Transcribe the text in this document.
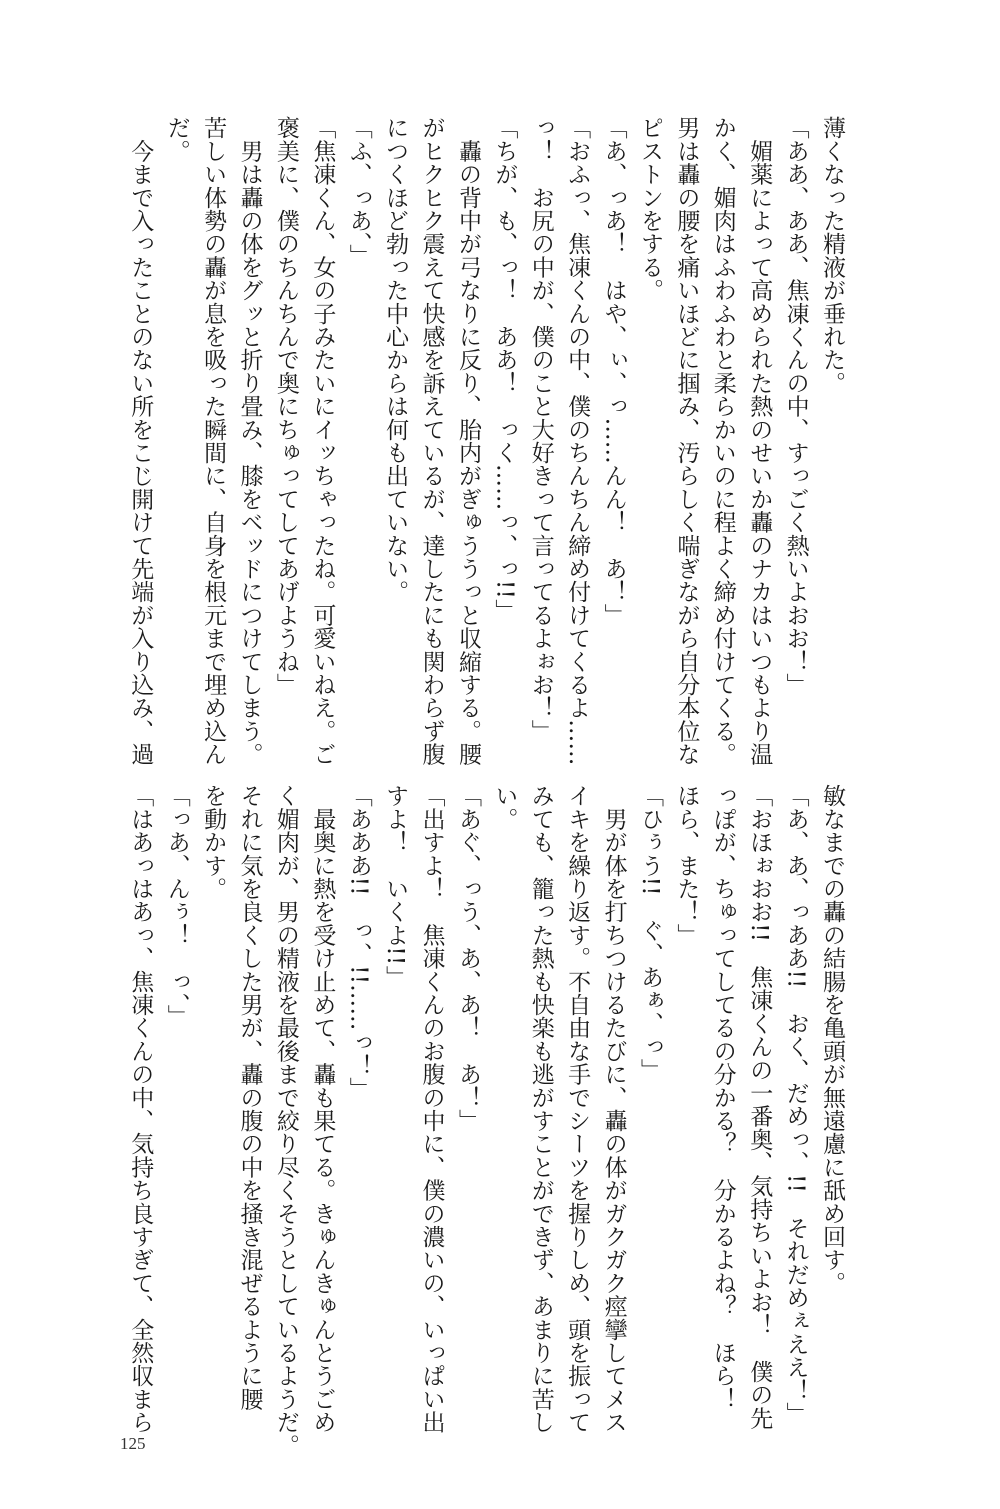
薄くなった精液が垂れた。
「ああ、ああ、焦凍くんの中、すっごく熱いよおお！」
　媚薬によって高められた熱のせいか轟のナカはいつもより温
かく、媚肉はふわふわと柔らかいのに程よく締め付けてくる。
男は轟の腰を痛いほどに掴み、汚らしく喘ぎながら自分本位な
ピストンをする。
「あ、っあ！　はや、ぃ、っ……んん！　あ！」
「おふっ、焦凍くんの中、僕のちんちん締め付けてくるよ……
っ！　お尻の中が、僕のこと大好きって言ってるよぉお！」
「ちが、も、っ！　ああ！　っく……っ、っ!!」
　轟の背中が弓なりに反り、胎内がぎゅううっと収縮する。腰
がヒクヒク震えて快感を訴えているが、達したにも関わらず腹
につくほど勃った中心からは何も出ていない。
「ふ、っあ、」
「焦凍くん、女の子みたいにイッちゃったね。可愛いねえ。ご
褒美に、僕のちんちんで奥にちゅってしてあげようね」
　男は轟の体をグッと折り畳み、膝をベッドにつけてしまう。
苦しい体勢の轟が息を吸った瞬間に、自身を根元まで埋め込ん
だ。
　今まで入ったことのない所をこじ開けて先端が入り込み、過
敏なまでの轟の結腸を亀頭が無遠慮に舐め回す。
「あ、あ、っああ!!　おく、だめっ、!!　それだめぇええ！」
「おほぉおお!!　焦凍くんの一番奥、気持ちいよお！　僕の先
っぽが、ちゅってしてるの分かる？　分かるよね？　ほら！
ほら、また！」
「ひぅう!!　ぐ、あぁ、っ」
　男が体を打ちつけるたびに、轟の体がガクガク痙攣してメス
イキを繰り返す。不自由な手でシーツを握りしめ、頭を振って
みても、籠った熱も快楽も逃がすことができず、あまりに苦し
い。
「あぐ、っう、あ、あ！　あ！」
「出すよ！　焦凍くんのお腹の中に、僕の濃いの、いっぱい出
すよ！　いくよ!!」
「あああ!!　っ、!!……っ！」
　最奥に熱を受け止めて、轟も果てる。きゅんきゅんとうごめ
く媚肉が、男の精液を最後まで絞り尽くそうとしているようだ。
それに気を良くした男が、轟の腹の中を掻き混ぜるように腰
を動かす。
「っあ、んぅ！　っ、」
「はあっはあっ、焦凍くんの中、気持ち良すぎて、全然収まら
125
